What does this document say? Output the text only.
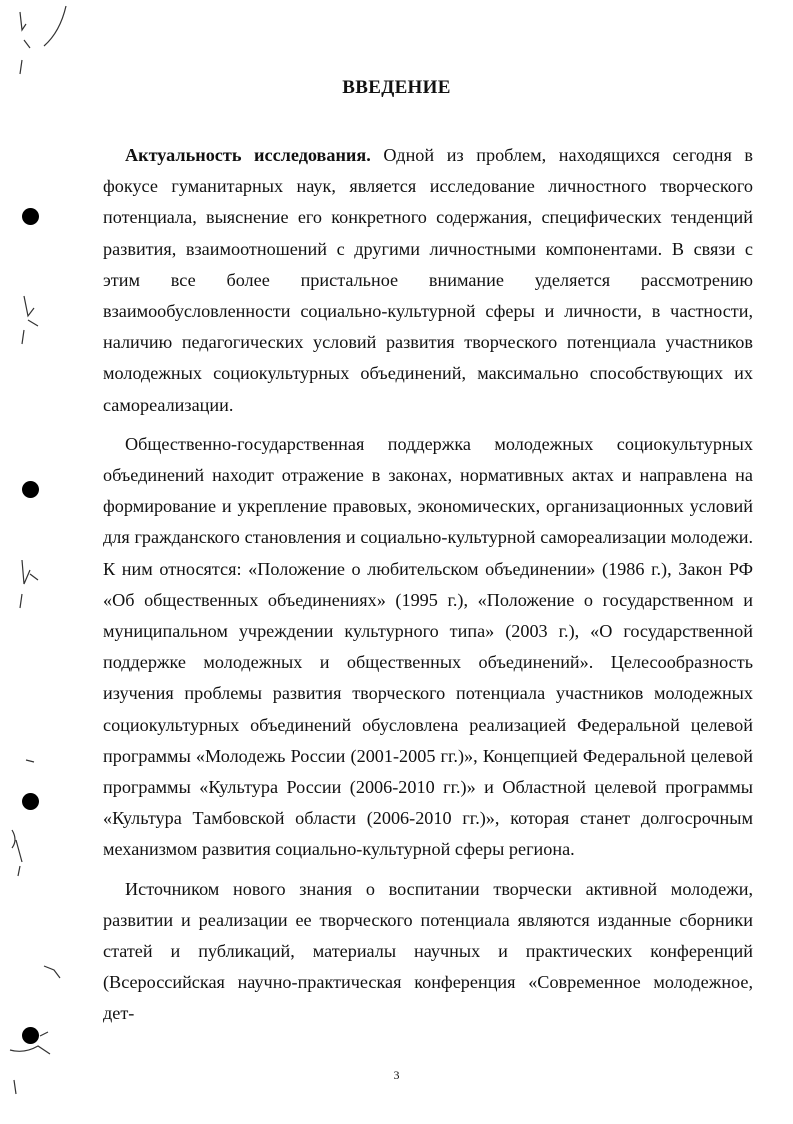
ВВЕДЕНИЕ

Актуальность исследования. Одной из проблем, находящихся сегодня в фокусе гуманитарных наук, является исследование личностного творческого потенциала, выяснение его конкретного содержания, специфических тенденций развития, взаимоотношений с другими личностными компонентами. В связи с этим все более пристальное внимание уделяется рассмотрению взаимообусловленности социально-культурной сферы и личности, в частности, наличию педагогических условий развития творческого потенциала участников молодежных социокультурных объединений, максимально способствующих их самореализации.

Общественно-государственная поддержка молодежных социокультурных объединений находит отражение в законах, нормативных актах и направлена на формирование и укрепление правовых, экономических, организационных условий для гражданского становления и социально-культурной самореализации молодежи. К ним относятся: «Положение о любительском объединении» (1986 г.), Закон РФ «Об общественных объединениях» (1995 г.), «Положение о государственном и муниципальном учреждении культурного типа» (2003 г.), «О государственной поддержке молодежных и общественных объединений». Целесообразность изучения проблемы развития творческого потенциала участников молодежных социокультурных объединений обусловлена реализацией Федеральной целевой программы «Молодежь России (2001-2005 гг.)», Концепцией Федеральной целевой программы «Культура России (2006-2010 гг.)» и Областной целевой программы «Культура Тамбовской области (2006-2010 гг.)», которая станет долгосрочным механизмом развития социально-культурной сферы региона.

Источником нового знания о воспитании творчески активной молодежи, развитии и реализации ее творческого потенциала являются изданные сборники статей и публикаций, материалы научных и практических конференций (Всероссийская научно-практическая конференция «Современное молодежное, дет-

3
